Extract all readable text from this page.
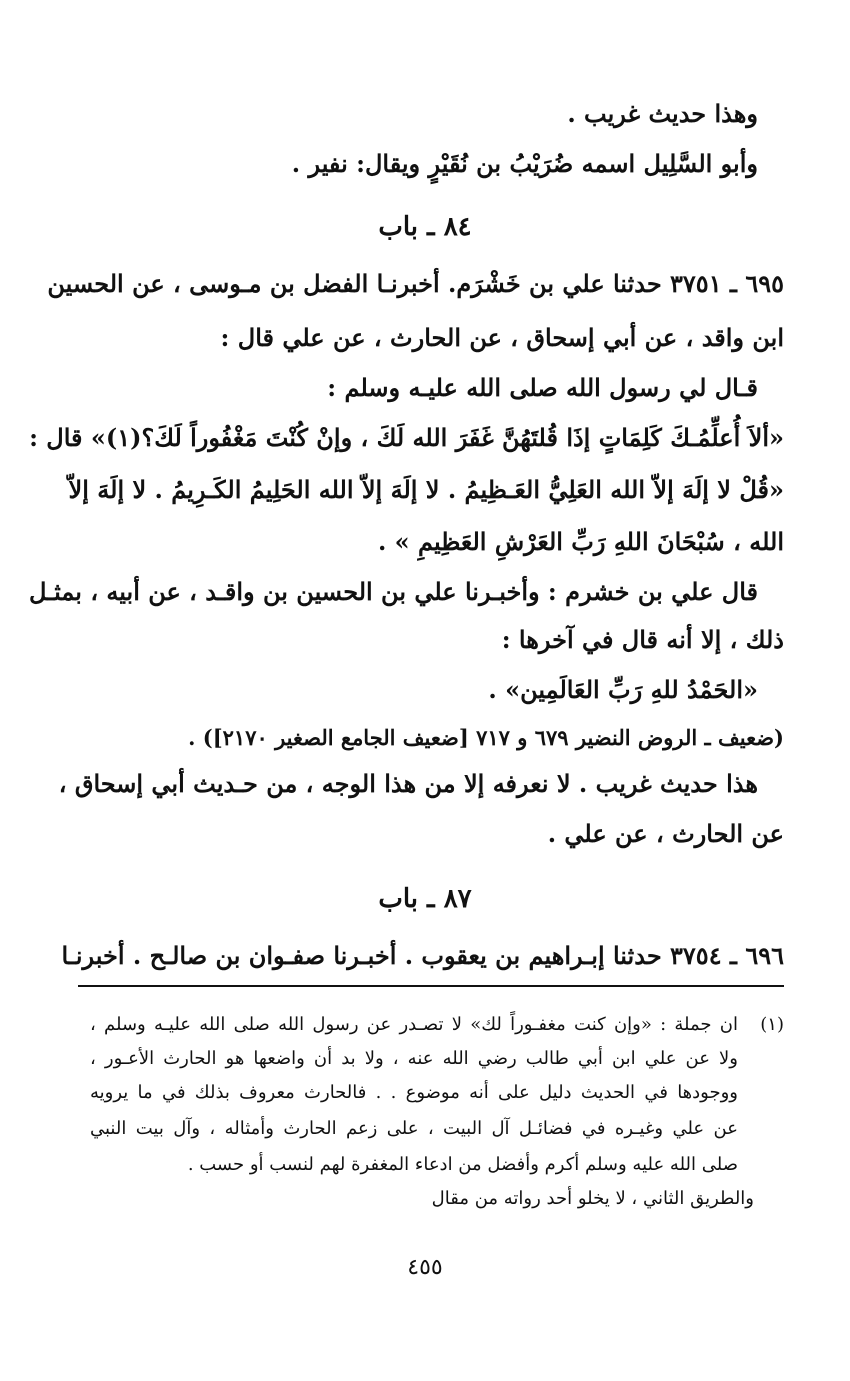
وهذا حديث غريب .
وأبو السَّلِيل اسمه ضُرَيْبُ بن نُقَيْرٍ ويقال: نفير .
٨٤ ـ باب
٦٩٥ ـ ٣٧٥١ حدثنا علي بن خَشْرَم. أخبرنـا الفضل بن مـوسى ، عن الحسين
ابن واقد ، عن أبي إسحاق ، عن الحارث ، عن علي قال :
قـال لي رسول الله صلى الله عليـه وسلم :
«ألاَ أُعلِّمُـكَ كَلِمَاتٍ إذَا قُلتَهُنَّ غَفَرَ الله لَكَ ، وإنْ كُنْتَ مَغْفُوراً لَكَ؟(١)» قال :
«قُلْ لا إلَهَ إلاّ الله العَلِيُّ العَـظِيمُ . لا إلَهَ إلاّ الله الحَلِيمُ الكَـرِيمُ . لا إلَهَ إلاّ
الله ، سُبْحَانَ اللهِ رَبِّ العَرْشِ العَظِيمِ » .
قال علي بن خشرم : وأخبـرنا علي بن الحسين بن واقـد ، عن أبيه ، بمثـل
ذلك ، إلا أنه قال في آخرها :
«الحَمْدُ للهِ رَبِّ العَالَمِين» .
(ضعيف ـ الروض النضير ٦٧٩ و ٧١٧ [ضعيف الجامع الصغير ٢١٧٠]) .
هذا حديث غريب . لا نعرفه إلا من هذا الوجه ، من حـديث أبي إسحاق ،
عن الحارث ، عن علي .
٨٧ ـ باب
٦٩٦ ـ ٣٧٥٤ حدثنا إبـراهيم بن يعقوب . أخبـرنا صفـوان بن صالـح . أخبرنـا
(١)
ان جملة : «وإن كنت مغفـوراً لك» لا تصـدر عن رسول الله صلى الله عليـه وسلم ،
ولا عن علي ابن أبي طالب رضي الله عنه ، ولا بد أن واضعها هو الحارث الأعـور ،
ووجودها في الحديث دليل على أنه موضوع . . فالحارث معروف بذلك في ما يرويه
عن علي وغيـره في فضائـل آل البيت ، على زعم الحارث وأمثاله ، وآل بيت النبي
صلى الله عليه وسلم أكرم وأفضل من ادعاء المغفرة لهم لنسب أو حسب .
والطريق الثاني ، لا يخلو أحد رواته من مقال
٤٥٥
